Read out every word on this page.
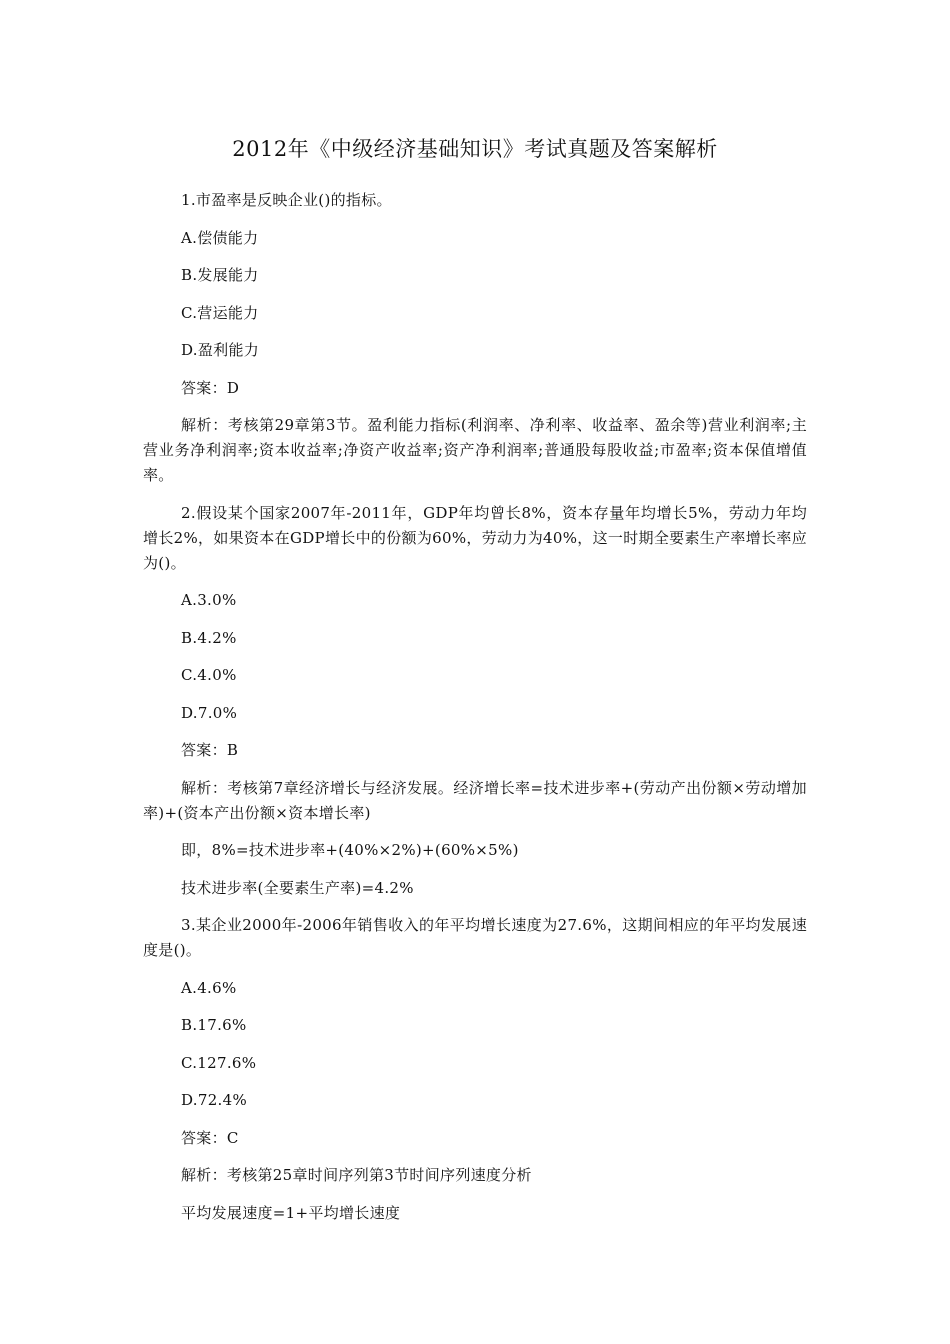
2012年《中级经济基础知识》考试真题及答案解析

1.市盈率是反映企业()的指标。

A.偿债能力

B.发展能力

C.营运能力

D.盈利能力

答案：D

解析：考核第29章第3节。盈利能力指标(利润率、净利率、收益率、盈余等)营业利润率;主营业务净利润率;资本收益率;净资产收益率;资产净利润率;普通股每股收益;市盈率;资本保值增值率。

2.假设某个国家2007年-2011年，GDP年均曾长8%，资本存量年均增长5%，劳动力年均增长2%，如果资本在GDP增长中的份额为60%，劳动力为40%，这一时期全要素生产率增长率应为()。

A.3.0%

B.4.2%

C.4.0%

D.7.0%

答案：B

解析：考核第7章经济增长与经济发展。经济增长率=技术进步率+(劳动产出份额×劳动增加率)+(资本产出份额×资本增长率)

即，8%=技术进步率+(40%×2%)+(60%×5%)

技术进步率(全要素生产率)=4.2%

3.某企业2000年-2006年销售收入的年平均增长速度为27.6%，这期间相应的年平均发展速度是()。

A.4.6%

B.17.6%

C.127.6%

D.72.4%

答案：C

解析：考核第25章时间序列第3节时间序列速度分析

平均发展速度=1+平均增长速度
